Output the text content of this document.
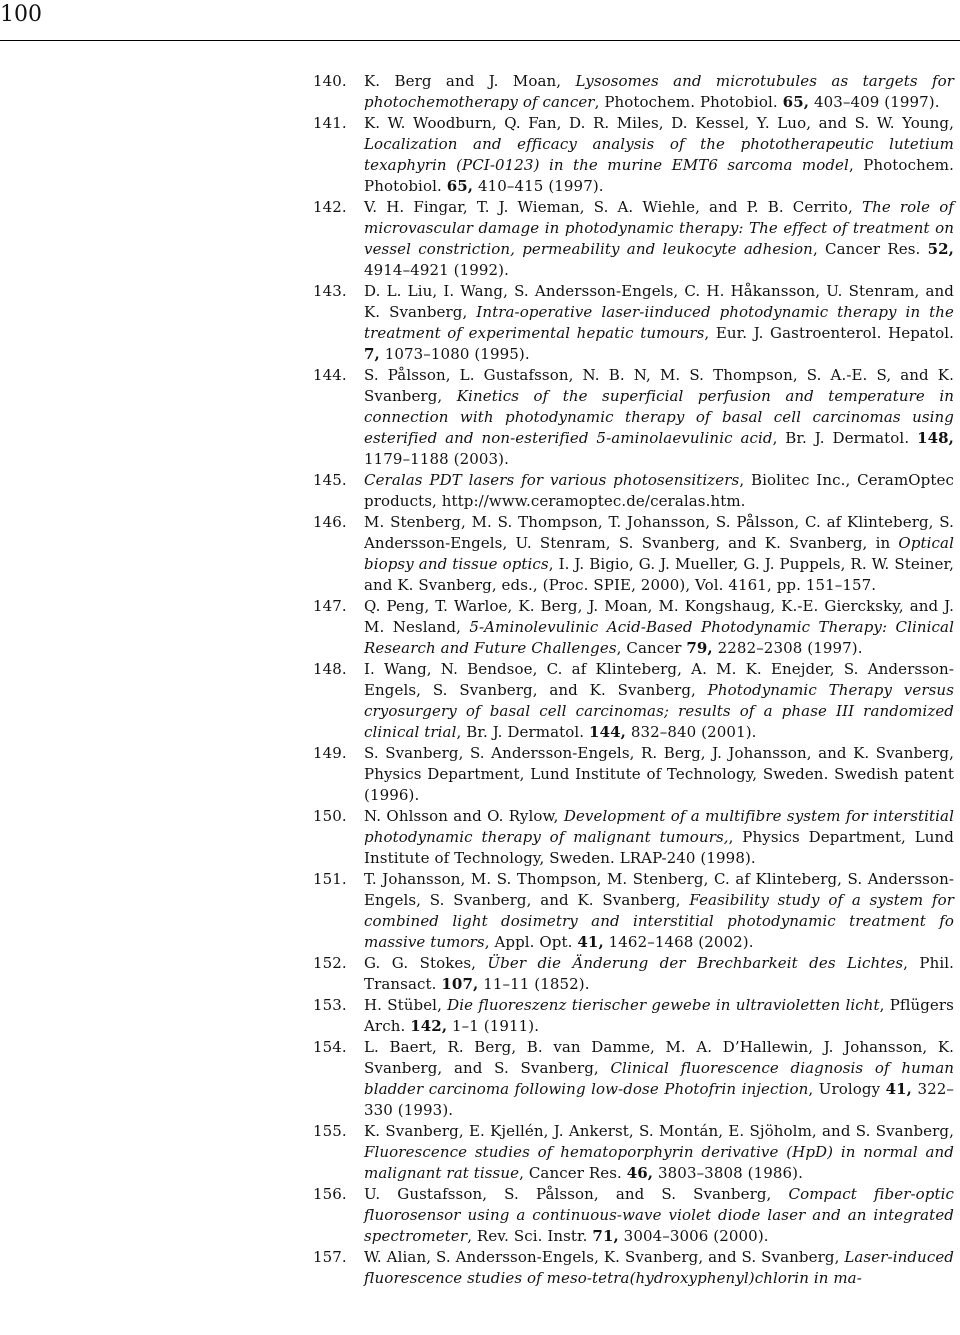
100
140. K. Berg and J. Moan, Lysosomes and microtubules as targets for photochemotherapy of cancer, Photochem. Photobiol. 65, 403–409 (1997).
141. K. W. Woodburn, Q. Fan, D. R. Miles, D. Kessel, Y. Luo, and S. W. Young, Localization and efficacy analysis of the phototherapeutic lutetium texaphyrin (PCI-0123) in the murine EMT6 sarcoma model, Photochem. Photobiol. 65, 410–415 (1997).
142. V. H. Fingar, T. J. Wieman, S. A. Wiehle, and P. B. Cerrito, The role of microvascular damage in photodynamic therapy: The effect of treatment on vessel constriction, permeability and leukocyte adhesion, Cancer Res. 52, 4914–4921 (1992).
143. D. L. Liu, I. Wang, S. Andersson-Engels, C. H. Håkansson, U. Stenram, and K. Svanberg, Intra-operative laser-iinduced photodynamic therapy in the treatment of experimental hepatic tumours, Eur. J. Gastroenterol. Hepatol. 7, 1073–1080 (1995).
144. S. Pålsson, L. Gustafsson, N. B. N, M. S. Thompson, S. A.-E. S, and K. Svanberg, Kinetics of the superficial perfusion and temperature in connection with photodynamic therapy of basal cell carcinomas using esterified and non-esterified 5-aminolaevulinic acid, Br. J. Dermatol. 148, 1179–1188 (2003).
145. Ceralas PDT lasers for various photosensitizers, Biolitec Inc., CeramOptec products, http://www.ceramoptec.de/ceralas.htm.
146. M. Stenberg, M. S. Thompson, T. Johansson, S. Pålsson, C. af Klinteberg, S. Andersson-Engels, U. Stenram, S. Svanberg, and K. Svanberg, in Optical biopsy and tissue optics, I. J. Bigio, G. J. Mueller, G. J. Puppels, R. W. Steiner, and K. Svanberg, eds., (Proc. SPIE, 2000), Vol. 4161, pp. 151–157.
147. Q. Peng, T. Warloe, K. Berg, J. Moan, M. Kongshaug, K.-E. Giercksky, and J. M. Nesland, 5-Aminolevulinic Acid-Based Photodynamic Therapy: Clinical Research and Future Challenges, Cancer 79, 2282–2308 (1997).
148. I. Wang, N. Bendsoe, C. af Klinteberg, A. M. K. Enejder, S. Andersson-Engels, S. Svanberg, and K. Svanberg, Photodynamic Therapy versus cryosurgery of basal cell carcinomas; results of a phase III randomized clinical trial, Br. J. Dermatol. 144, 832–840 (2001).
149. S. Svanberg, S. Andersson-Engels, R. Berg, J. Johansson, and K. Svanberg, Physics Department, Lund Institute of Technology, Sweden. Swedish patent (1996).
150. N. Ohlsson and O. Rylow, Development of a multifibre system for interstitial photodynamic therapy of malignant tumours,, Physics Department, Lund Institute of Technology, Sweden. LRAP-240 (1998).
151. T. Johansson, M. S. Thompson, M. Stenberg, C. af Klinteberg, S. Andersson-Engels, S. Svanberg, and K. Svanberg, Feasibility study of a system for combined light dosimetry and interstitial photodynamic treatment fo massive tumors, Appl. Opt. 41, 1462–1468 (2002).
152. G. G. Stokes, Über die Änderung der Brechbarkeit des Lichtes, Phil. Transact. 107, 11–11 (1852).
153. H. Stübel, Die fluoreszenz tierischer gewebe in ultravioletten licht, Pflügers Arch. 142, 1–1 (1911).
154. L. Baert, R. Berg, B. van Damme, M. A. D’Hallewin, J. Johansson, K. Svanberg, and S. Svanberg, Clinical fluorescence diagnosis of human bladder carcinoma following low-dose Photofrin injection, Urology 41, 322–330 (1993).
155. K. Svanberg, E. Kjellén, J. Ankerst, S. Montán, E. Sjöholm, and S. Svanberg, Fluorescence studies of hematoporphyrin derivative (HpD) in normal and malignant rat tissue, Cancer Res. 46, 3803–3808 (1986).
156. U. Gustafsson, S. Pålsson, and S. Svanberg, Compact fiber-optic fluorosensor using a continuous-wave violet diode laser and an integrated spectrometer, Rev. Sci. Instr. 71, 3004–3006 (2000).
157. W. Alian, S. Andersson-Engels, K. Svanberg, and S. Svanberg, Laser-induced fluorescence studies of meso-tetra(hydroxyphenyl)chlorin in ma-
